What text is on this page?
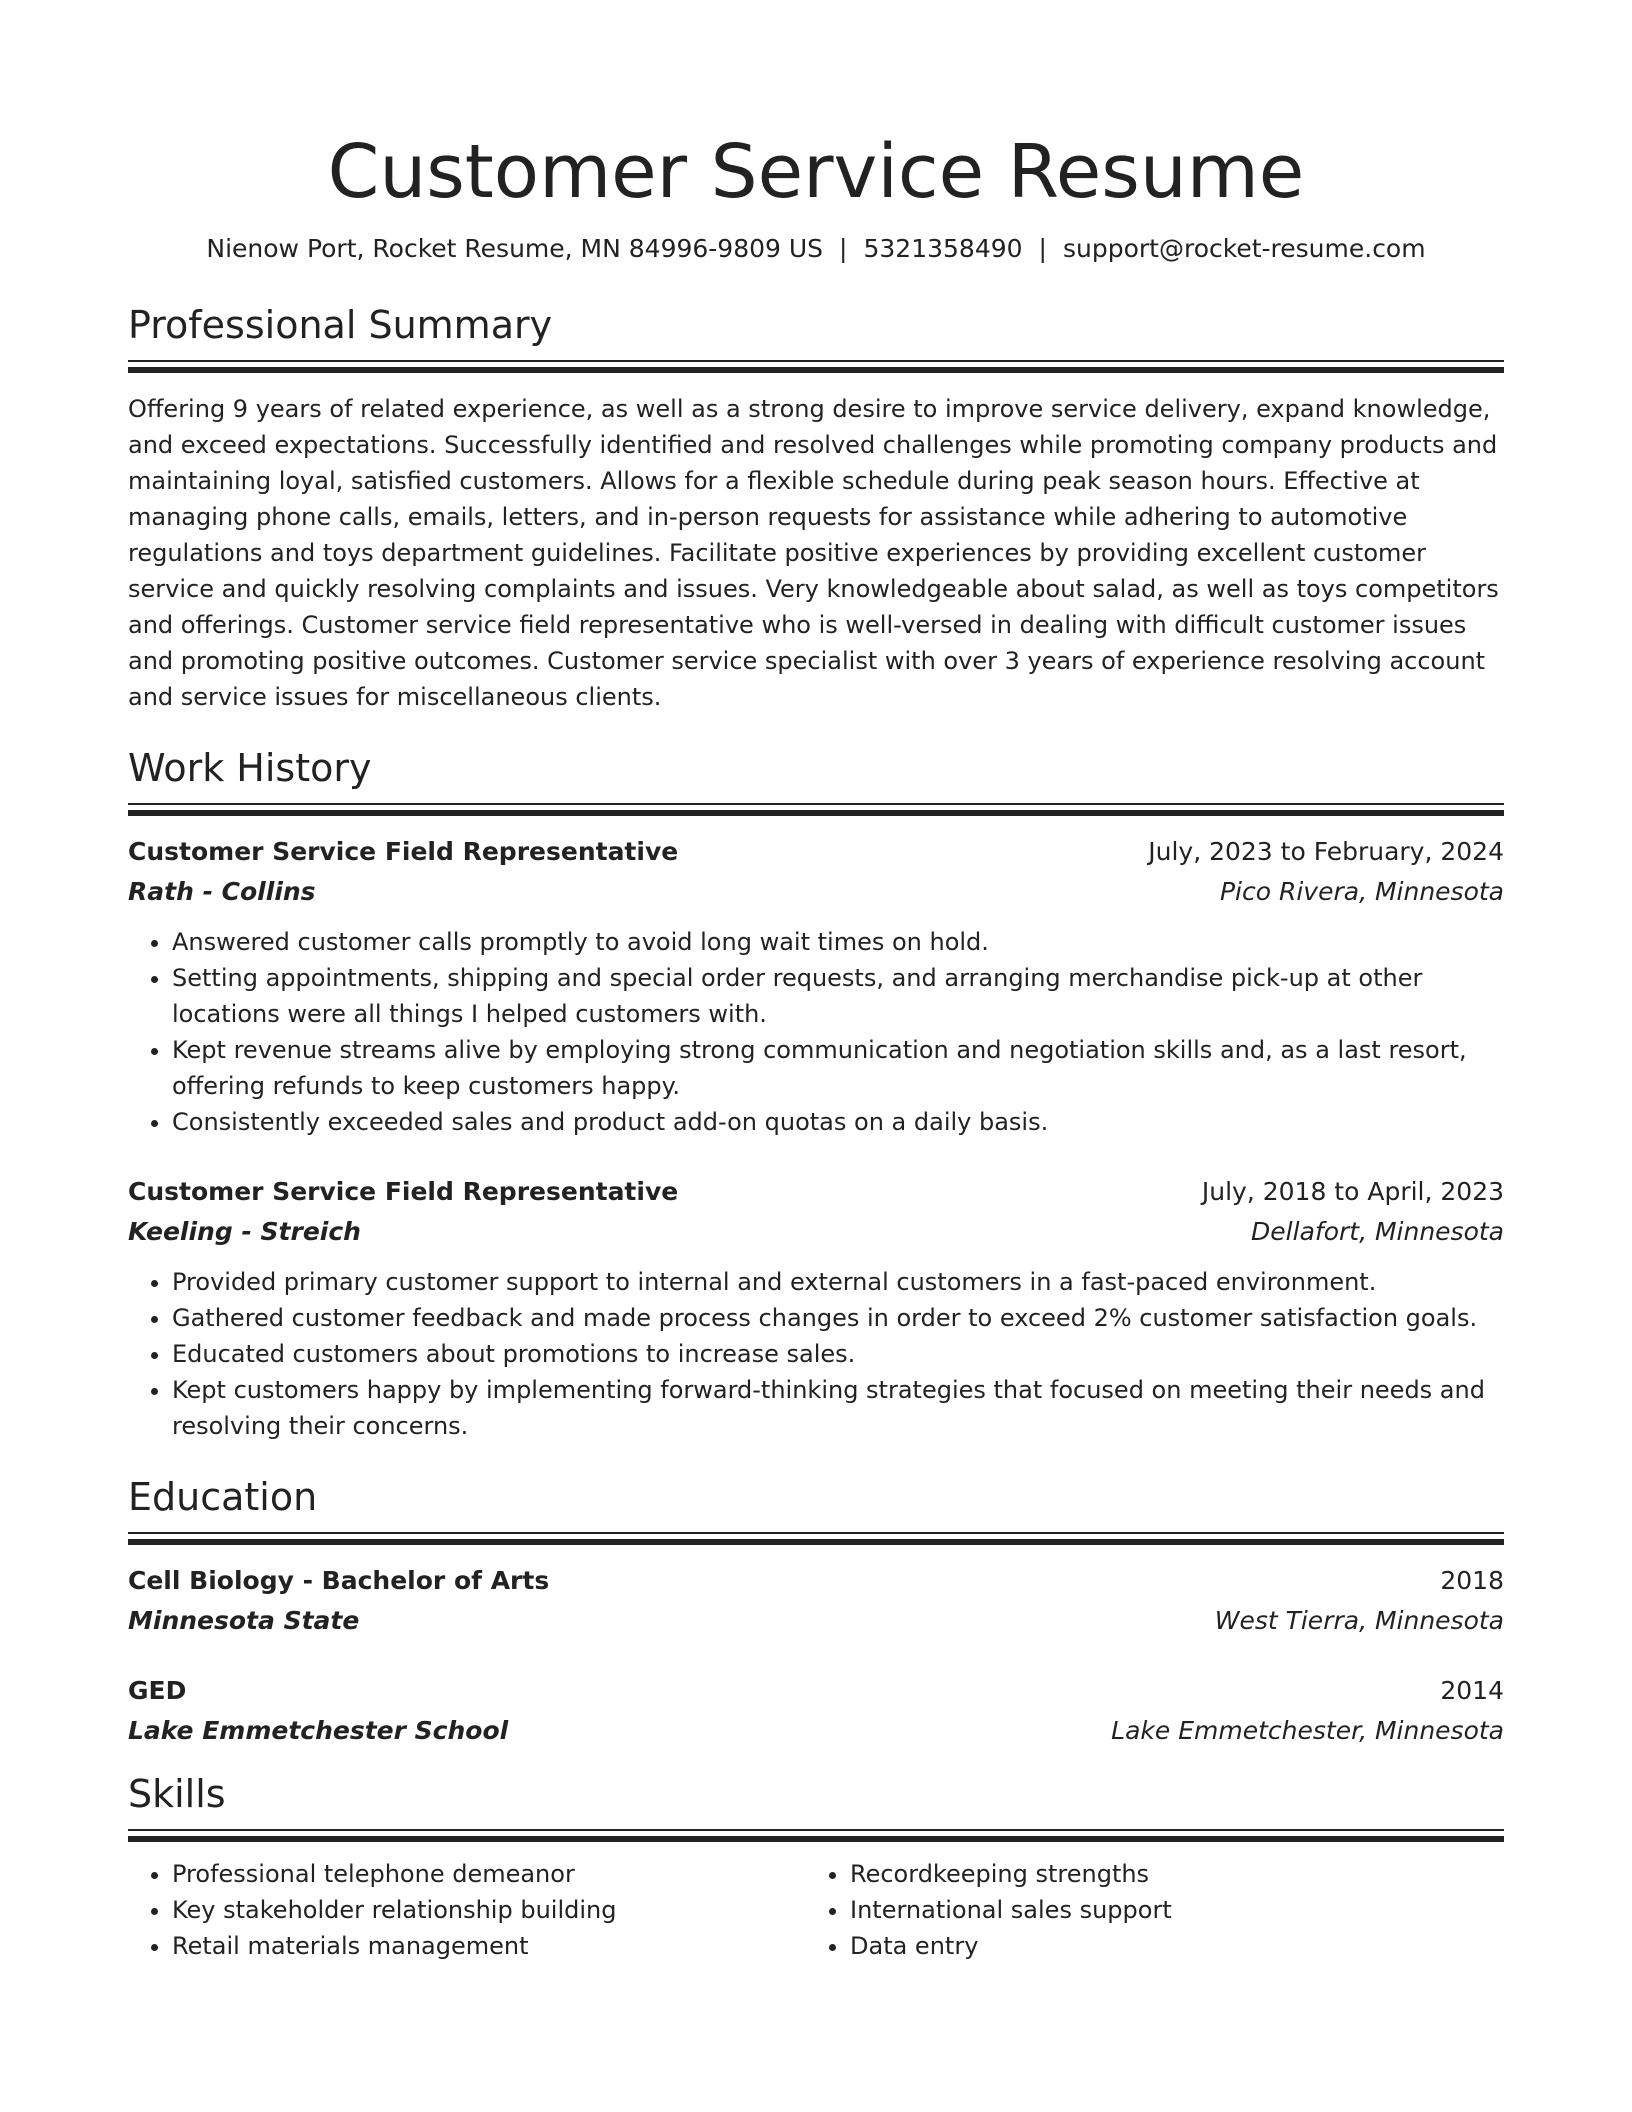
Customer Service Resume
Nienow Port, Rocket Resume, MN 84996-9809 US | 5321358490 | support@rocket-resume.com
Professional Summary
Offering 9 years of related experience, as well as a strong desire to improve service delivery, expand knowledge, and exceed expectations. Successfully identified and resolved challenges while promoting company products and maintaining loyal, satisfied customers. Allows for a flexible schedule during peak season hours. Effective at managing phone calls, emails, letters, and in-person requests for assistance while adhering to automotive regulations and toys department guidelines. Facilitate positive experiences by providing excellent customer service and quickly resolving complaints and issues. Very knowledgeable about salad, as well as toys competitors and offerings. Customer service field representative who is well-versed in dealing with difficult customer issues and promoting positive outcomes. Customer service specialist with over 3 years of experience resolving account and service issues for miscellaneous clients.
Work History
Customer Service Field Representative	July, 2023 to February, 2024
Rath - Collins	Pico Rivera, Minnesota
• Answered customer calls promptly to avoid long wait times on hold.
• Setting appointments, shipping and special order requests, and arranging merchandise pick-up at other locations were all things I helped customers with.
• Kept revenue streams alive by employing strong communication and negotiation skills and, as a last resort, offering refunds to keep customers happy.
• Consistently exceeded sales and product add-on quotas on a daily basis.
Customer Service Field Representative	July, 2018 to April, 2023
Keeling - Streich	Dellafort, Minnesota
• Provided primary customer support to internal and external customers in a fast-paced environment.
• Gathered customer feedback and made process changes in order to exceed 2% customer satisfaction goals.
• Educated customers about promotions to increase sales.
• Kept customers happy by implementing forward-thinking strategies that focused on meeting their needs and resolving their concerns.
Education
Cell Biology - Bachelor of Arts	2018
Minnesota State	West Tierra, Minnesota
GED	2014
Lake Emmetchester School	Lake Emmetchester, Minnesota
Skills
• Professional telephone demeanor
• Key stakeholder relationship building
• Retail materials management
• Recordkeeping strengths
• International sales support
• Data entry
